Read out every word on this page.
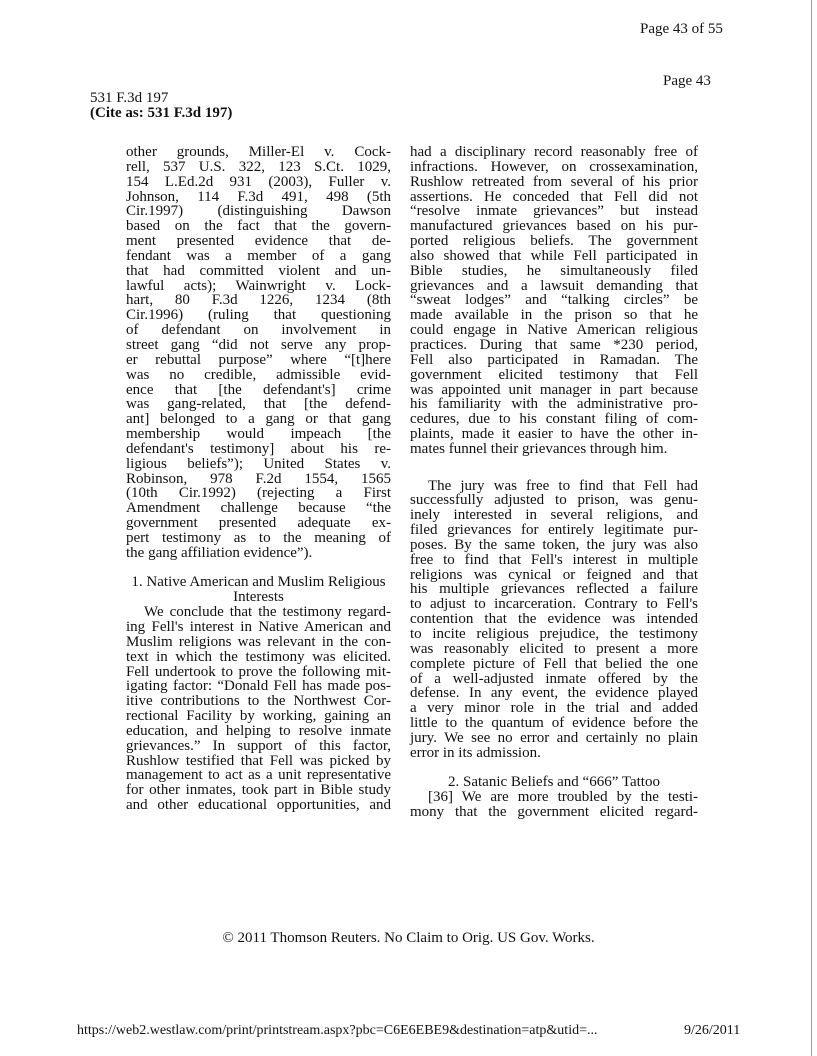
Page 43 of 55
Page 43
531 F.3d 197
(Cite as: 531 F.3d 197)
other grounds, Miller-El v. Cock-
rell, 537 U.S. 322, 123 S.Ct. 1029,
154 L.Ed.2d 931 (2003), Fuller v.
Johnson, 114 F.3d 491, 498 (5th
Cir.1997) (distinguishing Dawson
based on the fact that the govern-
ment presented evidence that de-
fendant was a member of a gang
that had committed violent and un-
lawful acts); Wainwright v. Lock-
hart, 80 F.3d 1226, 1234 (8th
Cir.1996) (ruling that questioning
of defendant on involvement in
street gang “did not serve any prop-
er rebuttal purpose” where “[t]here
was no credible, admissible evid-
ence that [the defendant's] crime
was gang-related, that [the defend-
ant] belonged to a gang or that gang
membership would impeach [the
defendant's testimony] about his re-
ligious beliefs”); United States v.
Robinson, 978 F.2d 1554, 1565
(10th Cir.1992) (rejecting a First
Amendment challenge because “the
government presented adequate ex-
pert testimony as to the meaning of
the gang affiliation evidence”).
1. Native American and Muslim Religious
Interests
We conclude that the testimony regard-
ing Fell's interest in Native American and
Muslim religions was relevant in the con-
text in which the testimony was elicited.
Fell undertook to prove the following mit-
igating factor: “Donald Fell has made pos-
itive contributions to the Northwest Cor-
rectional Facility by working, gaining an
education, and helping to resolve inmate
grievances.” In support of this factor,
Rushlow testified that Fell was picked by
management to act as a unit representative
for other inmates, took part in Bible study
and other educational opportunities, and
had a disciplinary record reasonably free of
infractions. However, on crossexamination,
Rushlow retreated from several of his prior
assertions. He conceded that Fell did not
“resolve inmate grievances” but instead
manufactured grievances based on his pur-
ported religious beliefs. The government
also showed that while Fell participated in
Bible studies, he simultaneously filed
grievances and a lawsuit demanding that
“sweat lodges” and “talking circles” be
made available in the prison so that he
could engage in Native American religious
practices. During that same *230 period,
Fell also participated in Ramadan. The
government elicited testimony that Fell
was appointed unit manager in part because
his familiarity with the administrative pro-
cedures, due to his constant filing of com-
plaints, made it easier to have the other in-
mates funnel their grievances through him.
The jury was free to find that Fell had
successfully adjusted to prison, was genu-
inely interested in several religions, and
filed grievances for entirely legitimate pur-
poses. By the same token, the jury was also
free to find that Fell's interest in multiple
religions was cynical or feigned and that
his multiple grievances reflected a failure
to adjust to incarceration. Contrary to Fell's
contention that the evidence was intended
to incite religious prejudice, the testimony
was reasonably elicited to present a more
complete picture of Fell that belied the one
of a well-adjusted inmate offered by the
defense. In any event, the evidence played
a very minor role in the trial and added
little to the quantum of evidence before the
jury. We see no error and certainly no plain
error in its admission.
2. Satanic Beliefs and “666” Tattoo
[36] We are more troubled by the testi-
mony that the government elicited regard-
© 2011 Thomson Reuters. No Claim to Orig. US Gov. Works.
https://web2.westlaw.com/print/printstream.aspx?pbc=C6E6EBE9&destination=atp&utid=...	9/26/2011
